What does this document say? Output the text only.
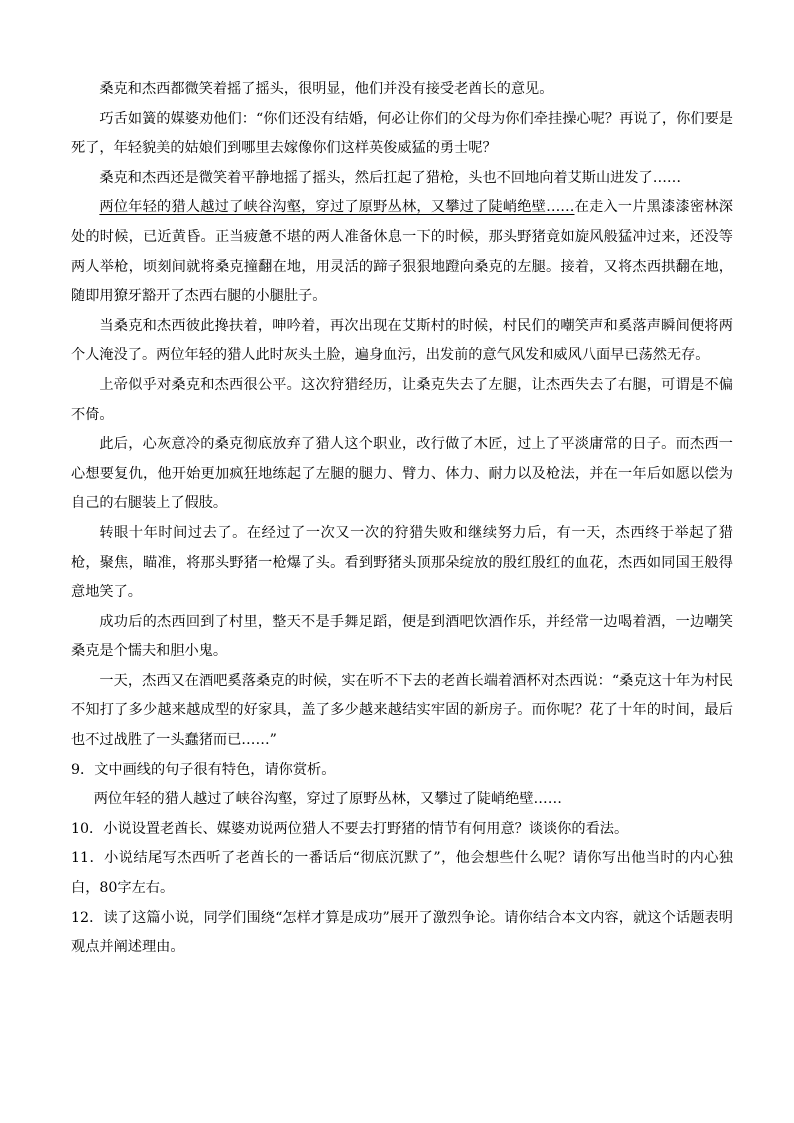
桑克和杰西都微笑着摇了摇头，很明显，他们并没有接受老酋长的意见。

巧舌如簧的媒婆劝他们：“你们还没有结婚，何必让你们的父母为你们牵挂操心呢？再说了，你们要是死了，年轻貌美的姑娘们到哪里去嫁像你们这样英俊威猛的勇士呢？

桑克和杰西还是微笑着平静地摇了摇头，然后扛起了猎枪，头也不回地向着艾斯山进发了……

两位年轻的猎人越过了峡谷沟壑，穿过了原野丛林，又攀过了陡峭绝壁……在走入一片黑漆漆密林深处的时候，已近黄昏。正当疲惫不堪的两人准备休息一下的时候，那头野猪竟如旋风般猛冲过来，还没等两人举枪，顷刻间就将桑克撞翻在地，用灵活的蹄子狠狠地蹬向桑克的左腿。接着，又将杰西拱翻在地，随即用獠牙豁开了杰西右腿的小腿肚子。

当桑克和杰西彼此搀扶着，呻吟着，再次出现在艾斯村的时候，村民们的嘲笑声和奚落声瞬间便将两个人淹没了。两位年轻的猎人此时灰头土脸，遍身血污，出发前的意气风发和威风八面早已荡然无存。

上帝似乎对桑克和杰西很公平。这次狩猎经历，让桑克失去了左腿，让杰西失去了右腿，可谓是不偏不倚。

此后，心灰意冷的桑克彻底放弃了猎人这个职业，改行做了木匠，过上了平淡庸常的日子。而杰西一心想要复仇，他开始更加疯狂地练起了左腿的腿力、臂力、体力、耐力以及枪法，并在一年后如愿以偿为自己的右腿装上了假肢。

转眼十年时间过去了。在经过了一次又一次的狩猎失败和继续努力后，有一天，杰西终于举起了猎枪，聚焦，瞄准，将那头野猪一枪爆了头。看到野猪头顶那朵绽放的殷红殷红的血花，杰西如同国王般得意地笑了。

成功后的杰西回到了村里，整天不是手舞足蹈，便是到酒吧饮酒作乐，并经常一边喝着酒，一边嘲笑桑克是个懦夫和胆小鬼。

一天，杰西又在酒吧奚落桑克的时候，实在听不下去的老酋长端着酒杯对杰西说：“桑克这十年为村民不知打了多少越来越成型的好家具，盖了多少越来越结实牢固的新房子。而你呢？花了十年的时间，最后也不过战胜了一头蠢猪而已……”

9．文中画线的句子很有特色，请你赏析。

两位年轻的猎人越过了峡谷沟壑，穿过了原野丛林，又攀过了陡峭绝壁……

10．小说设置老酋长、媒婆劝说两位猎人不要去打野猪的情节有何用意？谈谈你的看法。

11．小说结尾写杰西听了老酋长的一番话后“彻底沉默了”，他会想些什么呢？请你写出他当时的内心独白，80字左右。

12．读了这篇小说，同学们围绕“怎样才算是成功”展开了激烈争论。请你结合本文内容，就这个话题表明观点并阐述理由。
